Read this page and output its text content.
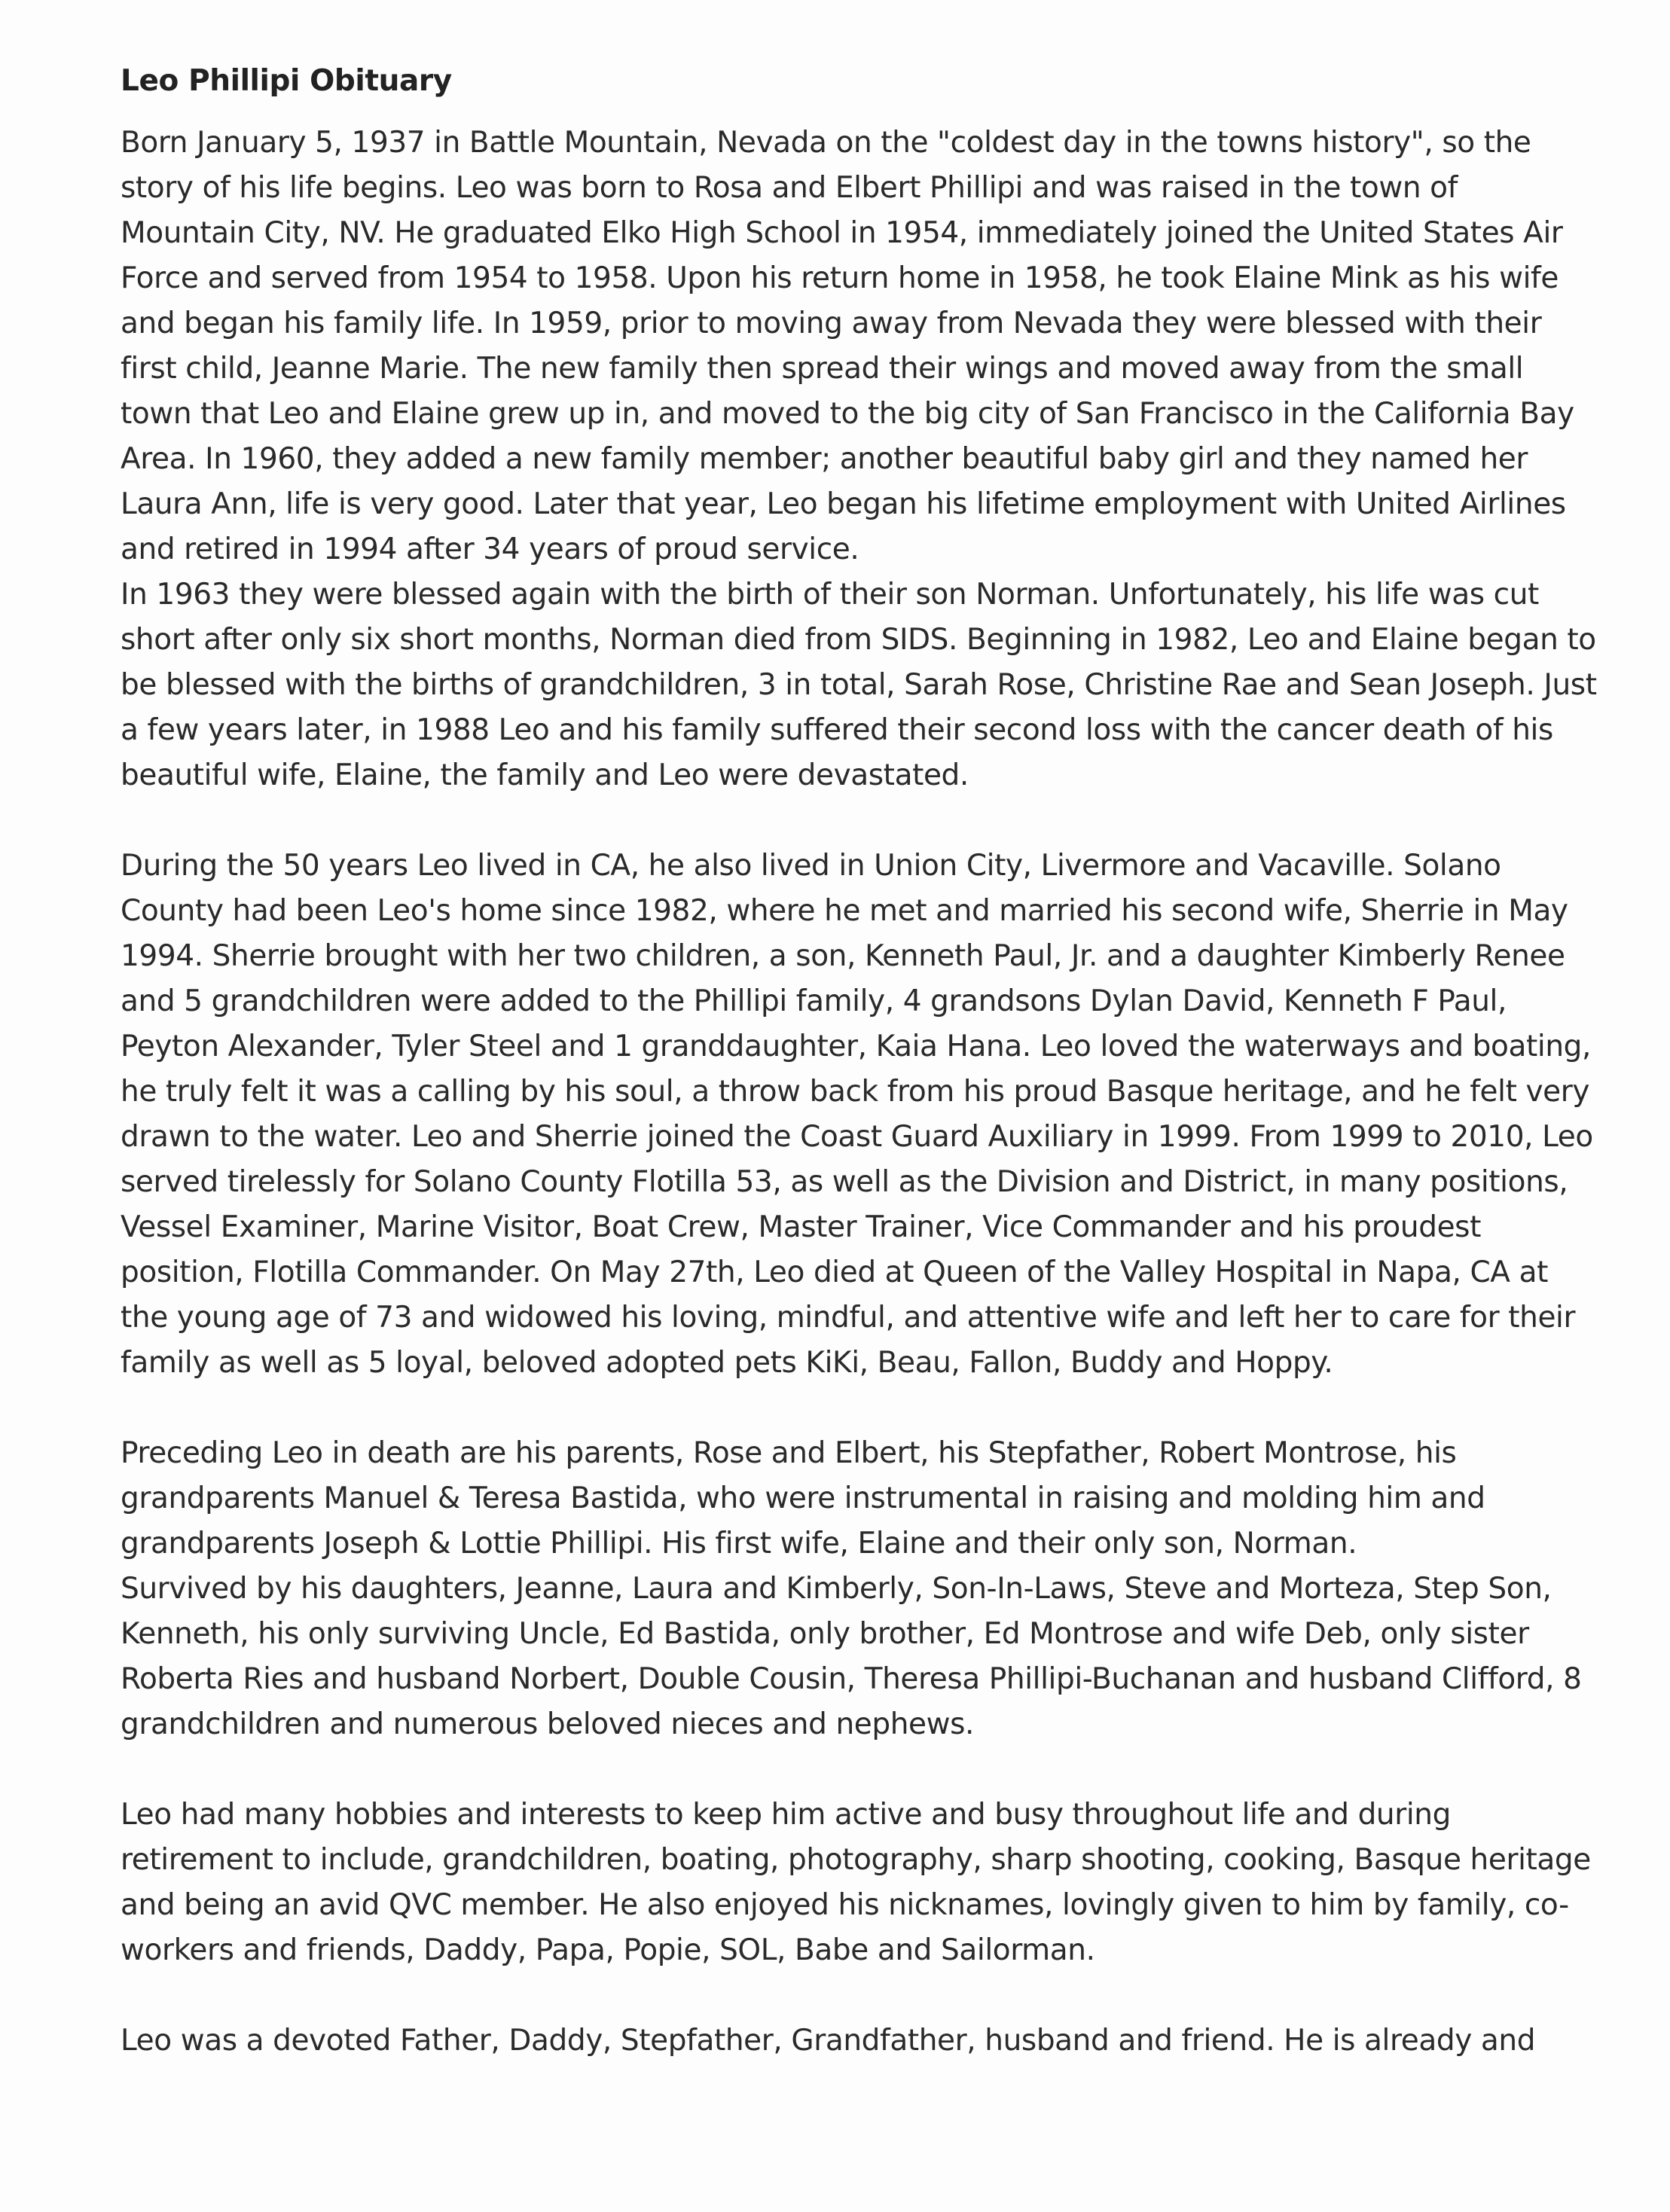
Leo Phillipi Obituary

Born January 5, 1937 in Battle Mountain, Nevada on the "coldest day in the towns history", so the story of his life begins. Leo was born to Rosa and Elbert Phillipi and was raised in the town of Mountain City, NV. He graduated Elko High School in 1954, immediately joined the United States Air Force and served from 1954 to 1958. Upon his return home in 1958, he took Elaine Mink as his wife and began his family life. In 1959, prior to moving away from Nevada they were blessed with their first child, Jeanne Marie. The new family then spread their wings and moved away from the small town that Leo and Elaine grew up in, and moved to the big city of San Francisco in the California Bay Area. In 1960, they added a new family member; another beautiful baby girl and they named her Laura Ann, life is very good. Later that year, Leo began his lifetime employment with United Airlines and retired in 1994 after 34 years of proud service.

In 1963 they were blessed again with the birth of their son Norman. Unfortunately, his life was cut short after only six short months, Norman died from SIDS. Beginning in 1982, Leo and Elaine began to be blessed with the births of grandchildren, 3 in total, Sarah Rose, Christine Rae and Sean Joseph. Just a few years later, in 1988 Leo and his family suffered their second loss with the cancer death of his beautiful wife, Elaine, the family and Leo were devastated.

During the 50 years Leo lived in CA, he also lived in Union City, Livermore and Vacaville. Solano County had been Leo's home since 1982, where he met and married his second wife, Sherrie in May 1994. Sherrie brought with her two children, a son, Kenneth Paul, Jr. and a daughter Kimberly Renee and 5 grandchildren were added to the Phillipi family, 4 grandsons Dylan David, Kenneth F Paul, Peyton Alexander, Tyler Steel and 1 granddaughter, Kaia Hana. Leo loved the waterways and boating, he truly felt it was a calling by his soul, a throw back from his proud Basque heritage, and he felt very drawn to the water. Leo and Sherrie joined the Coast Guard Auxiliary in 1999. From 1999 to 2010, Leo served tirelessly for Solano County Flotilla 53, as well as the Division and District, in many positions, Vessel Examiner, Marine Visitor, Boat Crew, Master Trainer, Vice Commander and his proudest position, Flotilla Commander. On May 27th, Leo died at Queen of the Valley Hospital in Napa, CA at the young age of 73 and widowed his loving, mindful, and attentive wife and left her to care for their family as well as 5 loyal, beloved adopted pets KiKi, Beau, Fallon, Buddy and Hoppy.

Preceding Leo in death are his parents, Rose and Elbert, his Stepfather, Robert Montrose, his grandparents Manuel & Teresa Bastida, who were instrumental in raising and molding him and grandparents Joseph & Lottie Phillipi. His first wife, Elaine and their only son, Norman.

Survived by his daughters, Jeanne, Laura and Kimberly, Son-In-Laws, Steve and Morteza, Step Son, Kenneth, his only surviving Uncle, Ed Bastida, only brother, Ed Montrose and wife Deb, only sister Roberta Ries and husband Norbert, Double Cousin, Theresa Phillipi-Buchanan and husband Clifford, 8 grandchildren and numerous beloved nieces and nephews.

Leo had many hobbies and interests to keep him active and busy throughout life and during retirement to include, grandchildren, boating, photography, sharp shooting, cooking, Basque heritage and being an avid QVC member. He also enjoyed his nicknames, lovingly given to him by family, co-workers and friends, Daddy, Papa, Popie, SOL, Babe and Sailorman.

Leo was a devoted Father, Daddy, Stepfather, Grandfather, husband and friend. He is already and
